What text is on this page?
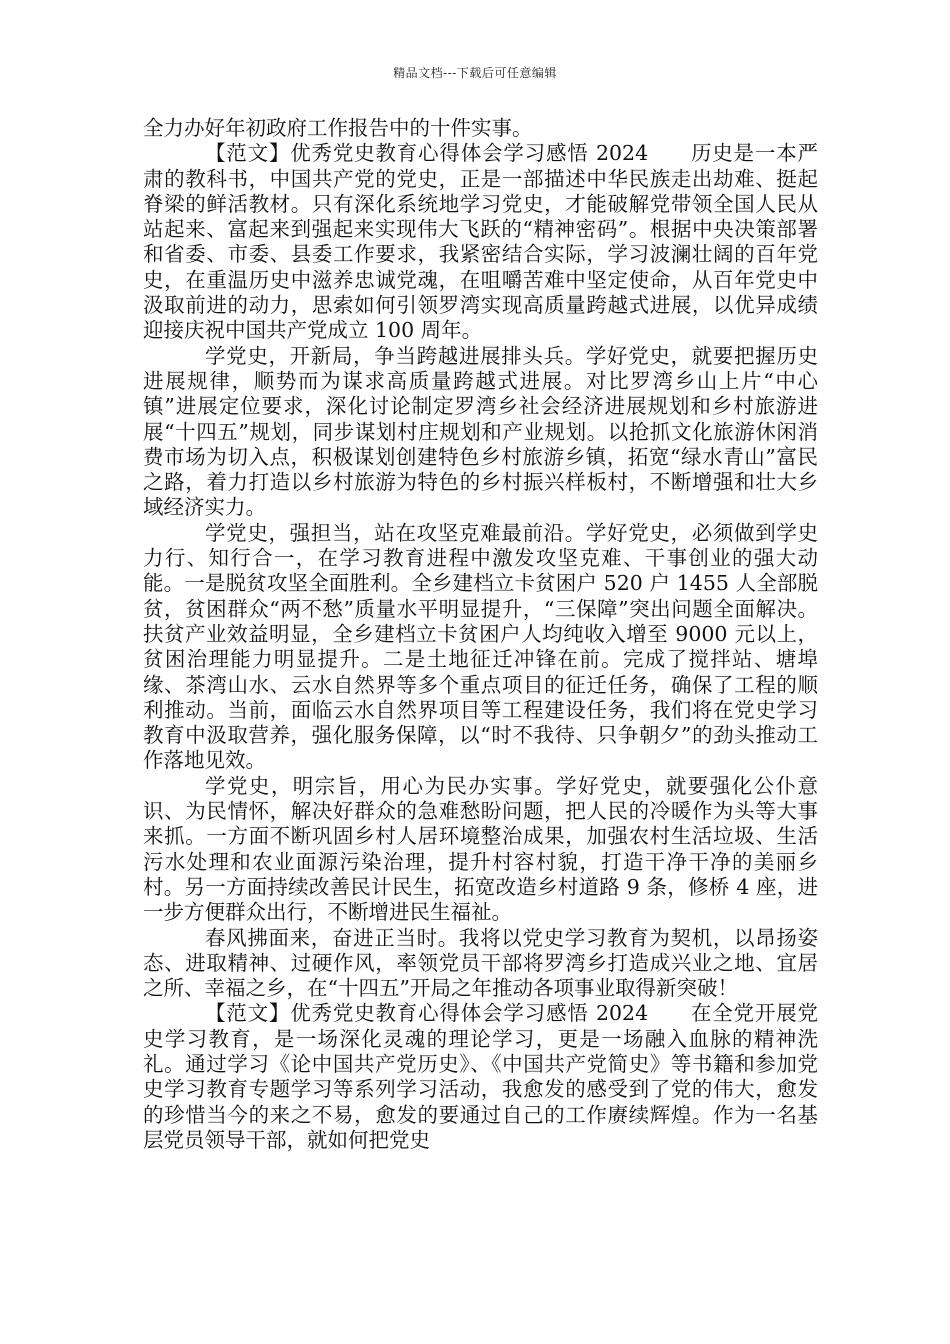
精品文档---下载后可任意编辑

全力办好年初政府工作报告中的十件实事。

【范文】优秀党史教育心得体会学习感悟 2024 历史是一本严肃的教科书，中国共产党的党史，正是一部描述中华民族走出劫难、挺起脊梁的鲜活教材。只有深化系统地学习党史，才能破解党带领全国人民从站起来、富起来到强起来实现伟大飞跃的“精神密码”。根据中央决策部署和省委、市委、县委工作要求，我紧密结合实际，学习波澜壮阔的百年党史，在重温历史中滋养忠诚党魂，在咀嚼苦难中坚定使命，从百年党史中汲取前进的动力，思索如何引领罗湾实现高质量跨越式进展，以优异成绩迎接庆祝中国共产党成立 100 周年。

学党史，开新局，争当跨越进展排头兵。学好党史，就要把握历史进展规律，顺势而为谋求高质量跨越式进展。对比罗湾乡山上片“中心镇”进展定位要求，深化讨论制定罗湾乡社会经济进展规划和乡村旅游进展“十四五”规划，同步谋划村庄规划和产业规划。以抢抓文化旅游休闲消费市场为切入点，积极谋划创建特色乡村旅游乡镇，拓宽“绿水青山”富民之路，着力打造以乡村旅游为特色的乡村振兴样板村，不断增强和壮大乡域经济实力。

学党史，强担当，站在攻坚克难最前沿。学好党史，必须做到学史力行、知行合一，在学习教育进程中激发攻坚克难、干事创业的强大动能。一是脱贫攻坚全面胜利。全乡建档立卡贫困户 520 户 1455 人全部脱贫，贫困群众“两不愁”质量水平明显提升，“三保障”突出问题全面解决。扶贫产业效益明显，全乡建档立卡贫困户人均纯收入增至 9000 元以上，贫困治理能力明显提升。二是土地征迁冲锋在前。完成了搅拌站、塘埠缘、茶湾山水、云水自然界等多个重点项目的征迁任务，确保了工程的顺利推动。当前，面临云水自然界项目等工程建设任务，我们将在党史学习教育中汲取营养，强化服务保障，以“时不我待、只争朝夕”的劲头推动工作落地见效。

学党史，明宗旨，用心为民办实事。学好党史，就要强化公仆意识、为民情怀，解决好群众的急难愁盼问题，把人民的冷暖作为头等大事来抓。一方面不断巩固乡村人居环境整治成果，加强农村生活垃圾、生活污水处理和农业面源污染治理，提升村容村貌，打造干净干净的美丽乡村。另一方面持续改善民计民生，拓宽改造乡村道路 9 条，修桥 4 座，进一步方便群众出行，不断增进民生福祉。

春风拂面来，奋进正当时。我将以党史学习教育为契机，以昂扬姿态、进取精神、过硬作风，率领党员干部将罗湾乡打造成兴业之地、宜居之所、幸福之乡，在“十四五”开局之年推动各项事业取得新突破！

【范文】优秀党史教育心得体会学习感悟 2024 在全党开展党史学习教育，是一场深化灵魂的理论学习，更是一场融入血脉的精神洗礼。通过学习《论中国共产党历史》、《中国共产党简史》等书籍和参加党史学习教育专题学习等系列学习活动，我愈发的感受到了党的伟大，愈发的珍惜当今的来之不易，愈发的要通过自己的工作赓续辉煌。作为一名基层党员领导干部，就如何把党史
